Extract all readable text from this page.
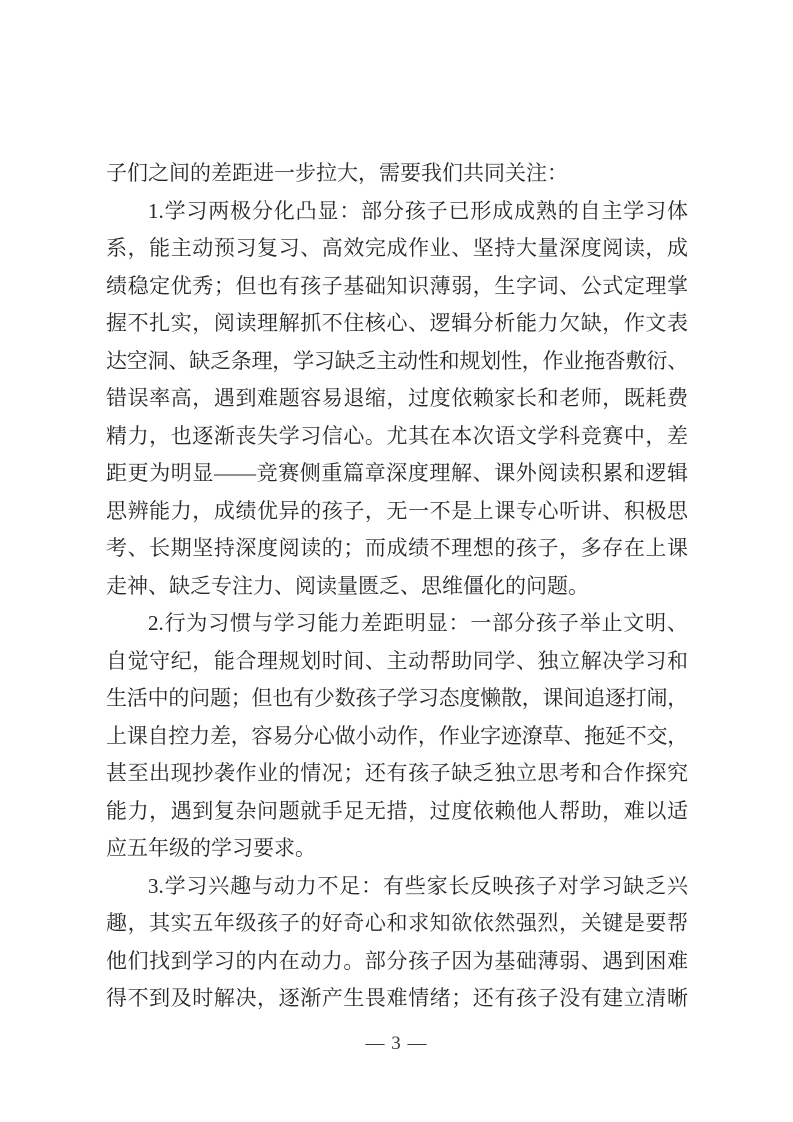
子们之间的差距进一步拉大，需要我们共同关注：
1.学习两极分化凸显：部分孩子已形成成熟的自主学习体
系，能主动预习复习、高效完成作业、坚持大量深度阅读，成
绩稳定优秀；但也有孩子基础知识薄弱，生字词、公式定理掌
握不扎实，阅读理解抓不住核心、逻辑分析能力欠缺，作文表
达空洞、缺乏条理，学习缺乏主动性和规划性，作业拖沓敷衍、
错误率高，遇到难题容易退缩，过度依赖家长和老师，既耗费
精力，也逐渐丧失学习信心。尤其在本次语文学科竞赛中，差
距更为明显——竞赛侧重篇章深度理解、课外阅读积累和逻辑
思辨能力，成绩优异的孩子，无一不是上课专心听讲、积极思
考、长期坚持深度阅读的；而成绩不理想的孩子，多存在上课
走神、缺乏专注力、阅读量匮乏、思维僵化的问题。
2.行为习惯与学习能力差距明显：一部分孩子举止文明、
自觉守纪，能合理规划时间、主动帮助同学、独立解决学习和
生活中的问题；但也有少数孩子学习态度懒散，课间追逐打闹，
上课自控力差，容易分心做小动作，作业字迹潦草、拖延不交，
甚至出现抄袭作业的情况；还有孩子缺乏独立思考和合作探究
能力，遇到复杂问题就手足无措，过度依赖他人帮助，难以适
应五年级的学习要求。
3.学习兴趣与动力不足：有些家长反映孩子对学习缺乏兴
趣，其实五年级孩子的好奇心和求知欲依然强烈，关键是要帮
他们找到学习的内在动力。部分孩子因为基础薄弱、遇到困难
得不到及时解决，逐渐产生畏难情绪；还有孩子没有建立清晰
— 3 —
